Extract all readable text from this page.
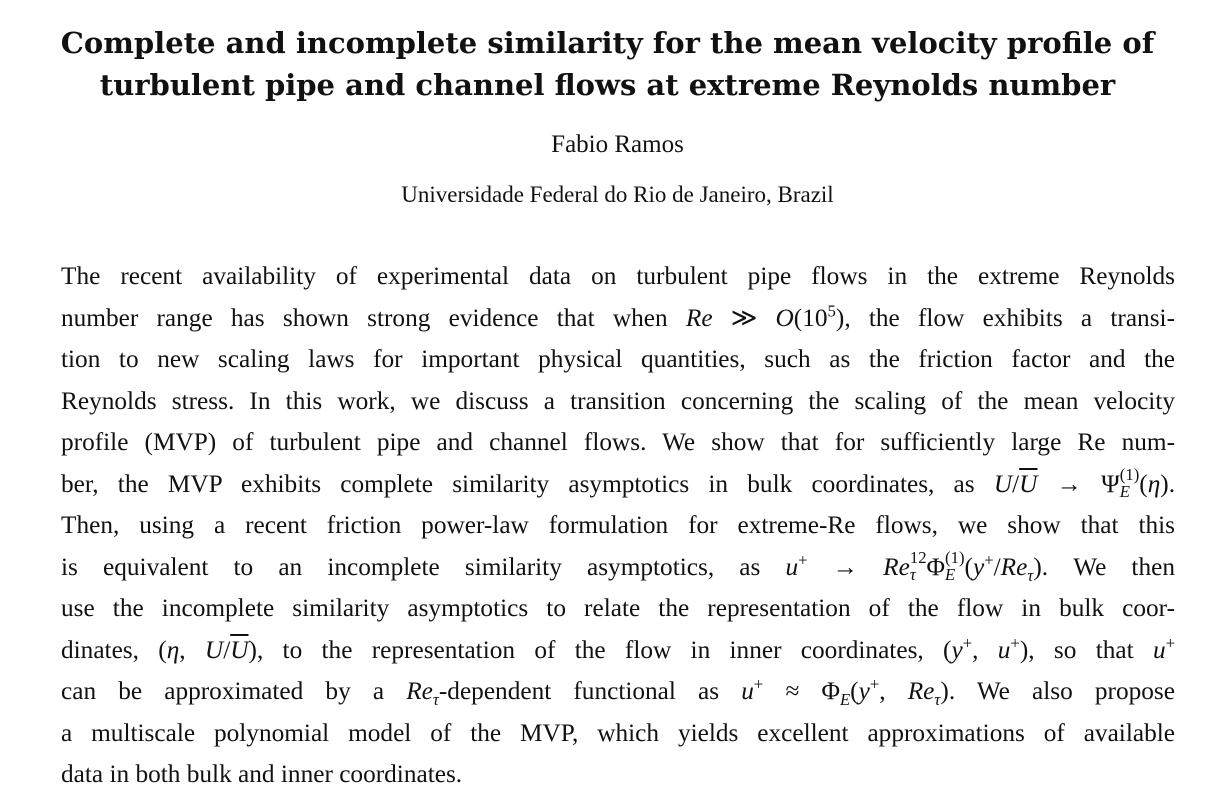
Complete and incomplete similarity for the mean velocity profile of
turbulent pipe and channel flows at extreme Reynolds number
Fabio Ramos
Universidade Federal do Rio de Janeiro, Brazil
The recent availability of experimental data on turbulent pipe flows in the extreme Reynolds
number range has shown strong evidence that when Re ≫ $O(10^5)$, the flow exhibits a transi-
tion to new scaling laws for important physical quantities, such as the friction factor and the
Reynolds stress. In this work, we discuss a transition concerning the scaling of the mean velocity
profile (MVP) of turbulent pipe and channel flows. We show that for sufficiently large Re num-
ber, the MVP exhibits complete similarity asymptotics in bulk coordinates, as $U/\overline{U} \to \Psi$ (1)
E (η).
Then, using a recent friction power-law formulation for extreme-Re flows, we show that this
is equivalent to an incomplete similarity asymptotics, as u+ → Re 12
τ Φ (1)
E $(y^+/Re_\tau)$. We then
use the incomplete similarity asymptotics to relate the representation of the flow in bulk coor-
dinates, (η, $U/\overline{U}$), to the representation of the flow in inner coordinates, (y+, u+), so that u+
can be approximated by a $Re_\tau$-dependent functional as $u^+ \approx \Phi_E(y^+$, $Re_\tau$). We also propose
a multiscale polynomial model of the MVP, which yields excellent approximations of available
data in both bulk and inner coordinates.
